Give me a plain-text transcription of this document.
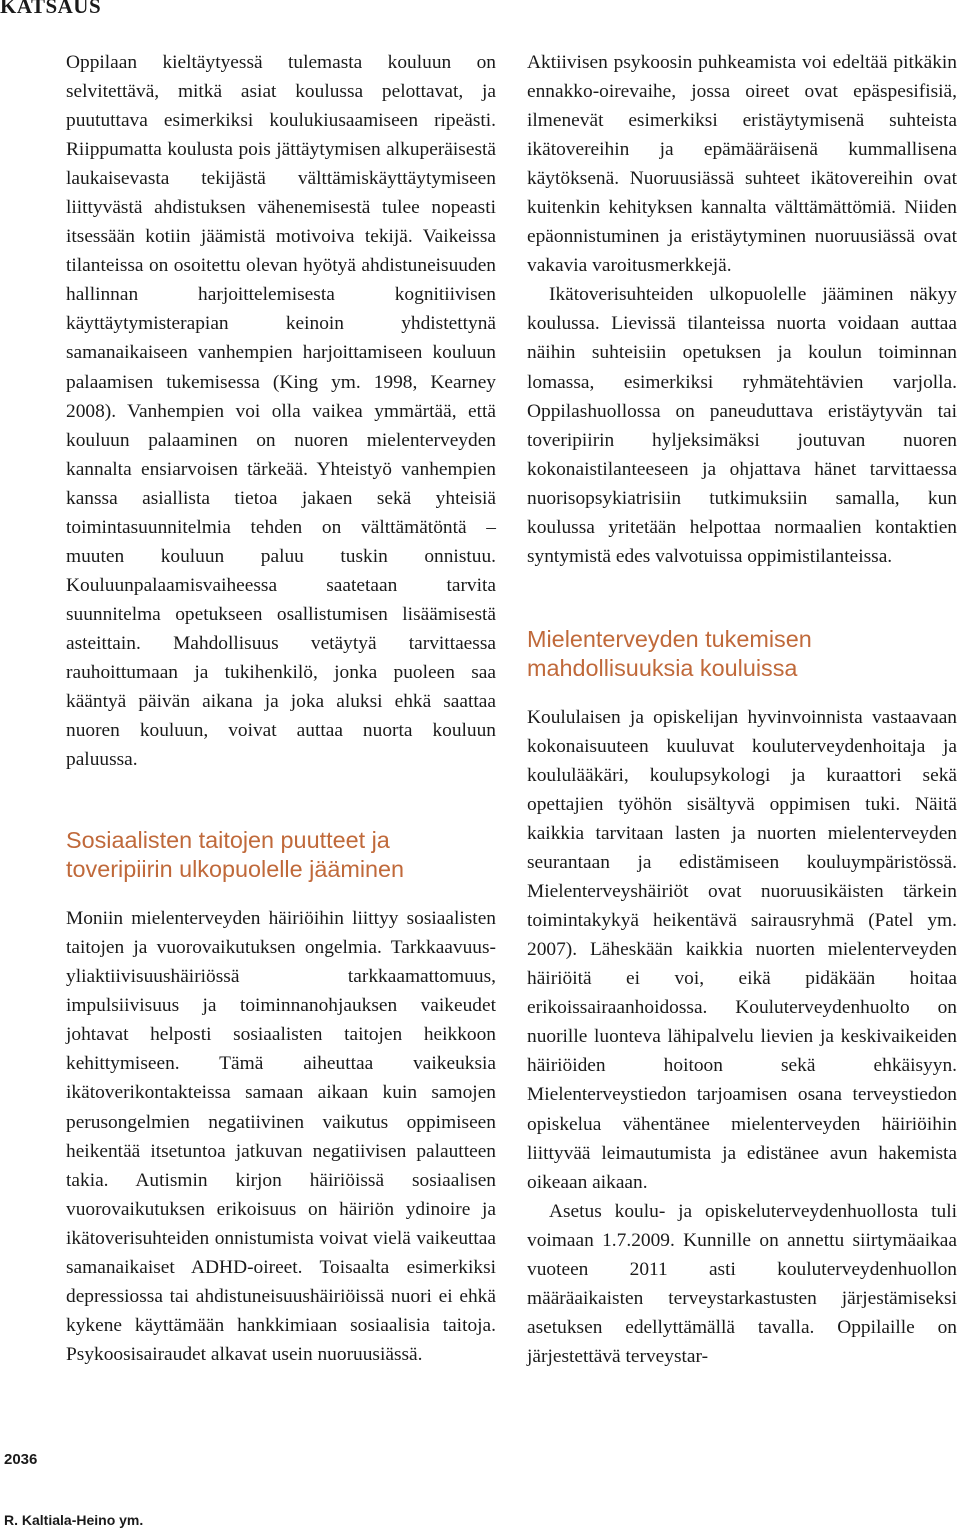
KATSAUS

Oppilaan kieltäytyessä tulemasta kouluun on selvitettävä, mitkä asiat koulussa pelottavat, ja puututtava esimerkiksi koulukiusaamiseen ripeästi. Riippumatta koulusta pois jättäytymisen alkuperäisestä laukaisevasta tekijästä välttämiskäyttäytymiseen liittyvästä ahdistuksen vähenemisestä tulee nopeasti itsessään kotiin jäämistä motivoiva tekijä. Vaikeissa tilanteissa on osoitettu olevan hyötyä ahdistuneisuuden hallinnan harjoittelemisesta kognitiivisen käyttäytymisterapian keinoin yhdistettynä samanaikaiseen vanhempien harjoittamiseen kouluun palaamisen tukemisessa (King ym. 1998, Kearney 2008). Vanhempien voi olla vaikea ymmärtää, että kouluun palaaminen on nuoren mielenterveyden kannalta ensiarvoisen tärkeää. Yhteistyö vanhempien kanssa asiallista tietoa jakaen sekä yhteisiä toimintasuunnitelmia tehden on välttämätöntä – muuten kouluun paluu tuskin onnistuu. Kouluunpalaamisvaiheessa saatetaan tarvita suunnitelma opetukseen osallistumisen lisäämisestä asteittain. Mahdollisuus vetäytyä tarvittaessa rauhoittumaan ja tukihenkilö, jonka puoleen saa kääntyä päivän aikana ja joka aluksi ehkä saattaa nuoren kouluun, voivat auttaa nuorta kouluun paluussa.

Sosiaalisten taitojen puutteet ja toveripiirin ulkopuolelle jääminen

Moniin mielenterveyden häiriöihin liittyy sosiaalisten taitojen ja vuorovaikutuksen ongelmia. Tarkkaavuus-yliaktiivisuushäiriössä tarkkaamattomuus, impulsiivisuus ja toiminnanohjauksen vaikeudet johtavat helposti sosiaalisten taitojen heikkoon kehittymiseen. Tämä aiheuttaa vaikeuksia ikätoverikontakteissa samaan aikaan kuin samojen perusongelmien negatiivinen vaikutus oppimiseen heikentää itsetuntoa jatkuvan negatiivisen palautteen takia. Autismin kirjon häiriöissä sosiaalisen vuorovaikutuksen erikoisuus on häiriön ydinoire ja ikätoverisuhteiden onnistumista voivat vielä vaikeuttaa samanaikaiset ADHD-oireet. Toisaalta esimerkiksi depressiossa tai ahdistuneisuushäiriöissä nuori ei ehkä kykene käyttämään hankkimiaan sosiaalisia taitoja. Psykoosisairaudet alkavat usein nuoruusiässä.

Aktiivisen psykoosin puhkeamista voi edeltää pitkäkin ennakko-oirevaihe, jossa oireet ovat epäspesifisiä, ilmenevät esimerkiksi eristäytymisenä suhteista ikätovereihin ja epämääräisenä kummallisena käytöksenä. Nuoruusiässä suhteet ikätovereihin ovat kuitenkin kehityksen kannalta välttämättömiä. Niiden epäonnistuminen ja eristäytyminen nuoruusiässä ovat vakavia varoitusmerkkejä.

Ikätoverisuhteiden ulkopuolelle jääminen näkyy koulussa. Lievissä tilanteissa nuorta voidaan auttaa näihin suhteisiin opetuksen ja koulun toiminnan lomassa, esimerkiksi ryhmätehtävien varjolla. Oppilashuollossa on paneuduttava eristäytyvän tai toveripiirin hyljeksimäksi joutuvan nuoren kokonaistilanteeseen ja ohjattava hänet tarvittaessa nuorisopsykiatrisiin tutkimuksiin samalla, kun koulussa yritetään helpottaa normaalien kontaktien syntymistä edes valvotuissa oppimistilanteissa.

Mielenterveyden tukemisen mahdollisuuksia kouluissa

Koululaisen ja opiskelijan hyvinvoinnista vastaavaan kokonaisuuteen kuuluvat kouluterveydenhoitaja ja koululääkäri, koulupsykologi ja kuraattori sekä opettajien työhön sisältyvä oppimisen tuki. Näitä kaikkia tarvitaan lasten ja nuorten mielenterveyden seurantaan ja edistämiseen kouluympäristössä. Mielenterveyshäiriöt ovat nuoruusikäisten tärkein toimintakykyä heikentävä sairausryhmä (Patel ym. 2007). Läheskään kaikkia nuorten mielenterveyden häiriöitä ei voi, eikä pidäkään hoitaa erikoissairaanhoidossa. Kouluterveydenhuolto on nuorille luonteva lähipalvelu lievien ja keskivaikeiden häiriöiden hoitoon sekä ehkäisyyn. Mielenterveystiedon tarjoamisen osana terveystiedon opiskelua vähentänee mielenterveyden häiriöihin liittyvää leimautumista ja edistänee avun hakemista oikeaan aikaan.

Asetus koulu- ja opiskeluterveydenhuollosta tuli voimaan 1.7.2009. Kunnille on annettu siirtymäaikaa vuoteen 2011 asti kouluterveydenhuollon määräaikaisten terveystarkastusten järjestämiseksi asetuksen edellyttämällä tavalla. Oppilaille on järjestettävä terveystar-

2036
R. Kaltiala-Heino ym.
